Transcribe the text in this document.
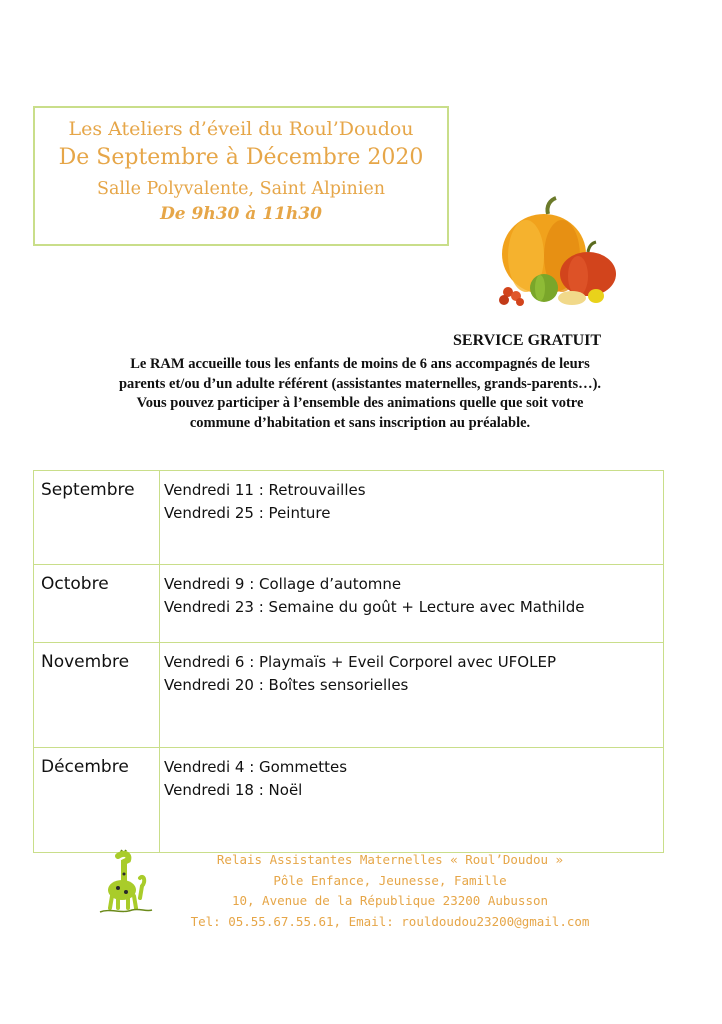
Les Ateliers d’éveil du Roul’Doudou
De Septembre à Décembre 2020
Salle Polyvalente, Saint Alpinien
De 9h30 à 11h30
SERVICE GRATUIT
Le RAM accueille tous les enfants de moins de 6 ans accompagnés de leurs
parents et/ou d’un adulte référent (assistantes maternelles, grands-parents…).
Vous pouvez participer à l’ensemble des animations quelle que soit votre
commune d’habitation et sans inscription au préalable.
Septembre	Vendredi 11 : Retrouvailles
Vendredi 25 : Peinture

Octobre	Vendredi 9 : Collage d’automne
Vendredi 23 : Semaine du goût + Lecture avec Mathilde

Novembre	Vendredi 6 : Playmaïs + Eveil Corporel avec UFOLEP
Vendredi 20 : Boîtes sensorielles

Décembre	Vendredi 4 : Gommettes
Vendredi 18 : Noël
Relais Assistantes Maternelles « Roul’Doudou »
Pôle Enfance, Jeunesse, Famille
10, Avenue de la République 23200 Aubusson
Tel: 05.55.67.55.61, Email: rouldoudou23200@gmail.com
